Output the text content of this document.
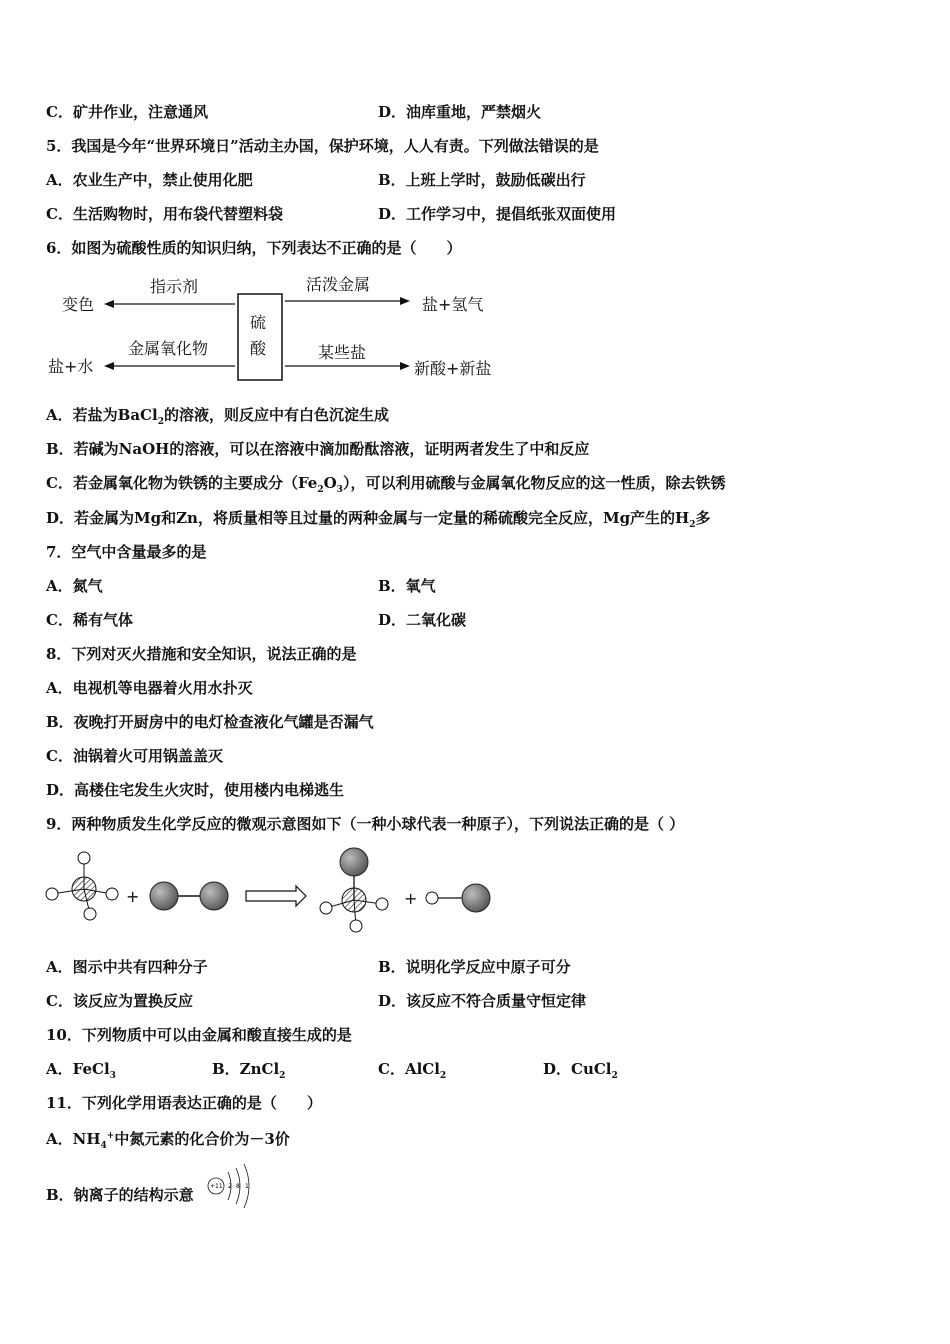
C．矿井作业，注意通风	D．油库重地，严禁烟火
5．我国是今年“世界环境日”活动主办国，保护环境，人人有责。下列做法错误的是
A．农业生产中，禁止使用化肥	B．上班上学时，鼓励低碳出行
C．生活购物时，用布袋代替塑料袋	D．工作学习中，提倡纸张双面使用
6．如图为硫酸性质的知识归纳，下列表达不正确的是（　　）
硫
酸
指示剂
变色
金属氧化物
盐+水
活泼金属
盐+氢气
某些盐
新酸+新盐
A．若盐为BaCl$_2$的溶液，则反应中有白色沉淀生成
B．若碱为NaOH的溶液，可以在溶液中滴加酚酞溶液，证明两者发生了中和反应
C．若金属氧化物为铁锈的主要成分$(Fe_2O_3)$，可以利用硫酸与金属氧化物反应的这一性质，除去铁锈
D．若金属为Mg和Zn，将质量相等且过量的两种金属与一定量的稀硫酸完全反应，Mg产生的$H_2$多
7．空气中含量最多的是
A．氮气	B．氧气
C．稀有气体	D．二氧化碳
8．下列对灭火措施和安全知识，说法正确的是
A．电视机等电器着火用水扑灭
B．夜晚打开厨房中的电灯检查液化气罐是否漏气
C．油锅着火可用锅盖盖灭
D．高楼住宅发生火灾时，使用楼内电梯逃生
9．两种物质发生化学反应的微观示意图如下（一种小球代表一种原子），下列说法正确的是（ ）
+	+
A．图示中共有四种分子	B．说明化学反应中原子可分
C．该反应为置换反应	D．该反应不符合质量守恒定律
10．下列物质中可以由金属和酸直接生成的是
A．FeCl$_3$	B．ZnCl$_2$	C．AlCl$_2$	D．CuCl$_2$
11．下列化学用语表达正确的是（　　）
A．$NH_4^+$中氮元素的化合价为－3价
B．钠离子的结构示意	+11 2 8 1
